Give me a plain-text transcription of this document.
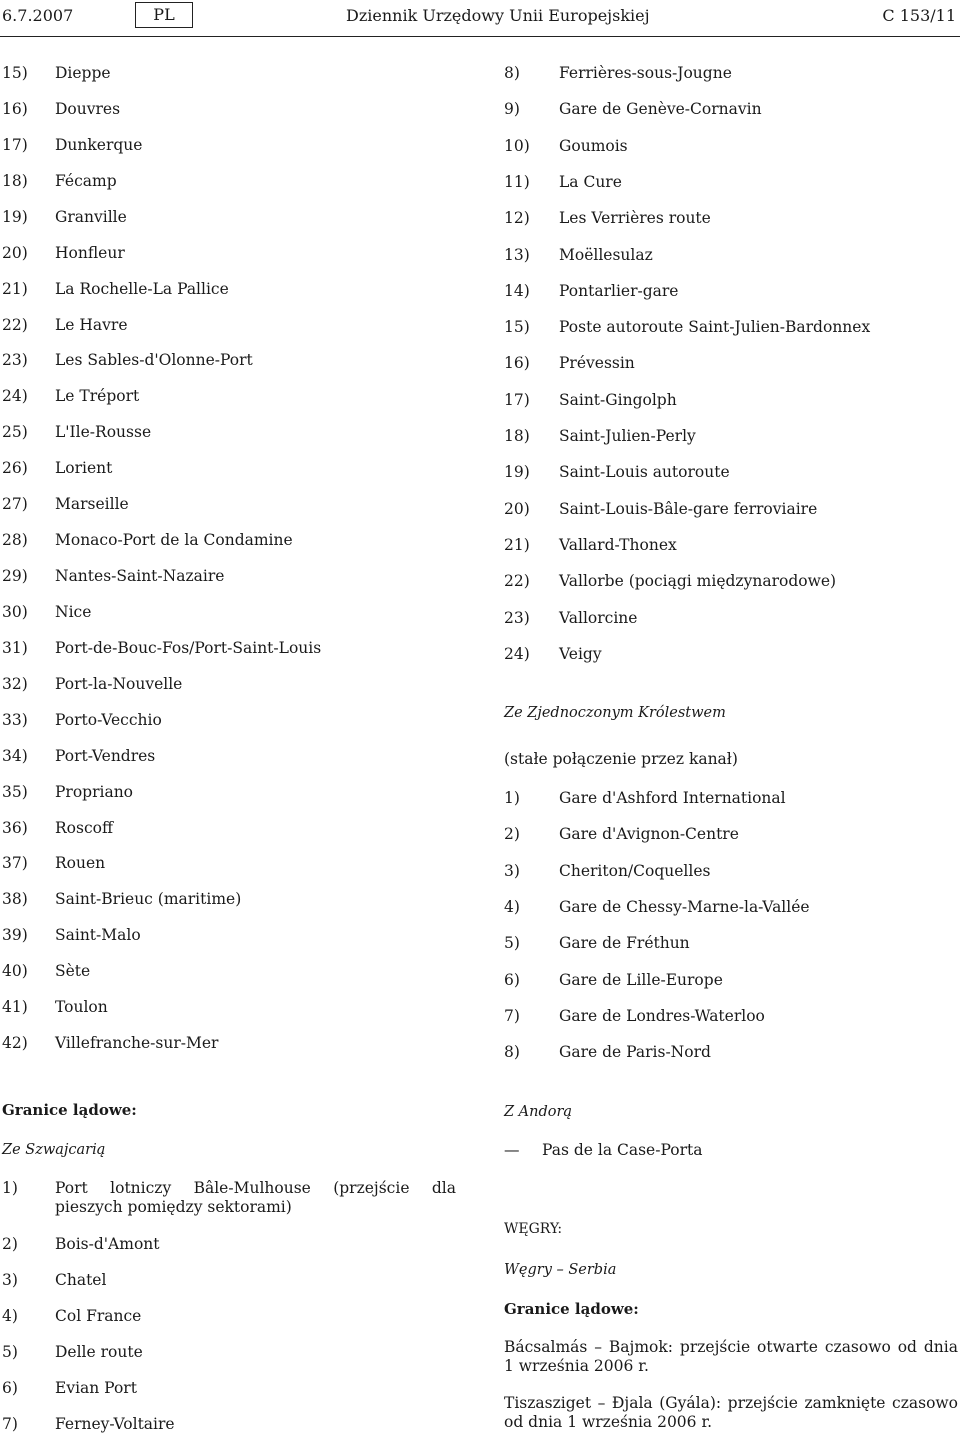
6.7.2007	PL	Dziennik Urzędowy Unii Europejskiej	C 153/11
15) Dieppe
16) Douvres
17) Dunkerque
18) Fécamp
19) Granville
20) Honfleur
21) La Rochelle-La Pallice
22) Le Havre
23) Les Sables-d'Olonne-Port
24) Le Tréport
25) L'Ile-Rousse
26) Lorient
27) Marseille
28) Monaco-Port de la Condamine
29) Nantes-Saint-Nazaire
30) Nice
31) Port-de-Bouc-Fos/Port-Saint-Louis
32) Port-la-Nouvelle
33) Porto-Vecchio
34) Port-Vendres
35) Propriano
36) Roscoff
37) Rouen
38) Saint-Brieuc (maritime)
39) Saint-Malo
40) Sète
41) Toulon
42) Villefranche-sur-Mer
8)	Ferrières-sous-Jougne
9)	Gare de Genève-Cornavin
10) Goumois
11) La Cure
12) Les Verrières route
13) Moëllesulaz
14) Pontarlier-gare
15) Poste autoroute Saint-Julien-Bardonnex
16) Prévessin
17) Saint-Gingolph
18) Saint-Julien-Perly
19) Saint-Louis autoroute
20) Saint-Louis-Bâle-gare ferroviaire
21) Vallard-Thonex
22) Vallorbe (pociągi międzynarodowe)
23) Vallorcine
24) Veigy
Ze Zjednoczonym Królestwem
(stałe połączenie przez kanał)
1)	Gare d'Ashford International
2)	Gare d'Avignon-Centre
3)	Cheriton/Coquelles
4)	Gare de Chessy-Marne-la-Vallée
5)	Gare de Fréthun
6)	Gare de Lille-Europe
7)	Gare de Londres-Waterloo
8)	Gare de Paris-Nord
Granice lądowe:
Ze Szwajcarią
1)	Port lotniczy Bâle-Mulhouse (przejście dla pieszych pomiędzy sektorami)
2) Bois-d'Amont
3) Chatel
4) Col France
5) Delle route
6) Evian Port
7) Ferney-Voltaire
Z Andorą
— Pas de la Case-Porta
WĘGRY:
Węgry – Serbia
Granice lądowe:
Bácsalmás – Bajmok: przejście otwarte czasowo od dnia 1 września 2006 r.
Tiszasziget – Đjala (Gyála): przejście zamknięte czasowo od dnia 1 września 2006 r.
